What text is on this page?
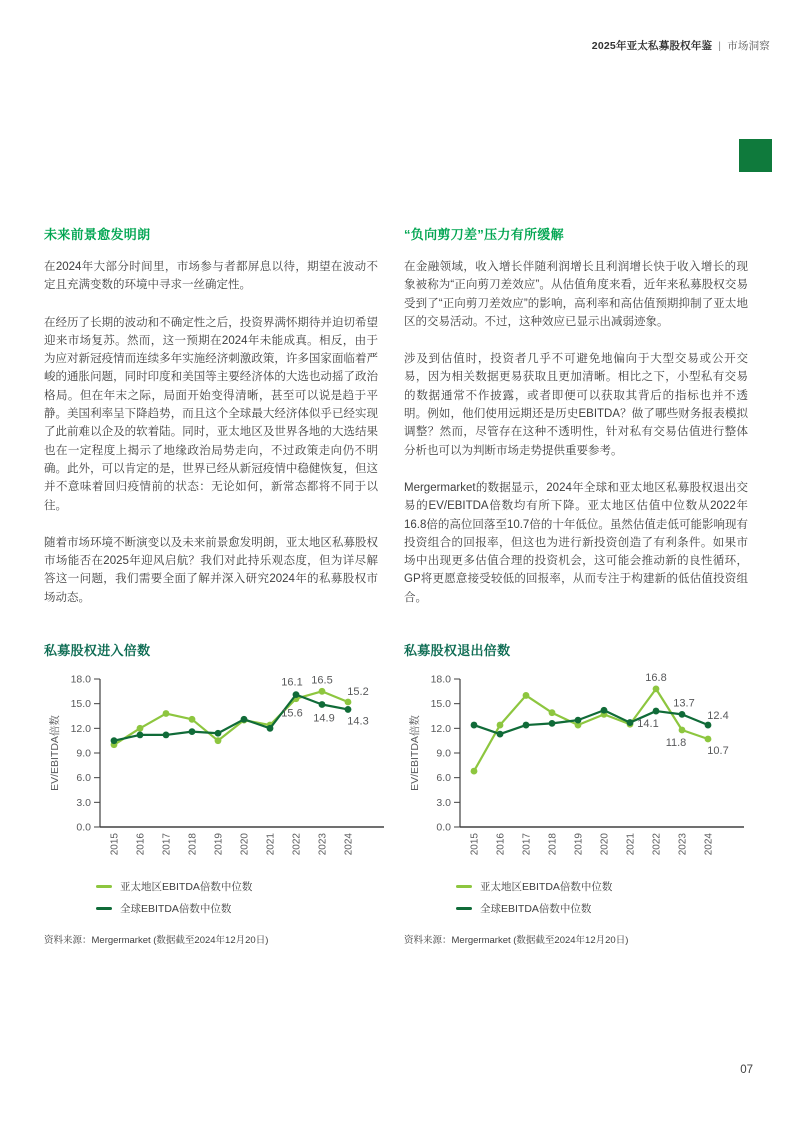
2025年亚太私募股权年鉴 | 市场洞察
未来前景愈发明朗

在2024年大部分时间里，市场参与者都屏息以待，期望在波动不定且充满变数的环境中寻求一丝确定性。

在经历了长期的波动和不确定性之后，投资界满怀期待并迫切希望迎来市场复苏。然而，这一预期在2024年未能成真。相反，由于为应对新冠疫情而连续多年实施经济刺激政策，许多国家面临着严峻的通胀问题，同时印度和美国等主要经济体的大选也动摇了政治格局。但在年末之际，局面开始变得清晰，甚至可以说是趋于平静。美国利率呈下降趋势，而且这个全球最大经济体似乎已经实现了此前难以企及的软着陆。同时，亚太地区及世界各地的大选结果也在一定程度上揭示了地缘政治局势走向，不过政策走向仍不明确。此外，可以肯定的是，世界已经从新冠疫情中稳健恢复，但这并不意味着回归疫情前的状态：无论如何，新常态都将不同于以往。

随着市场环境不断演变以及未来前景愈发明朗，亚太地区私募股权市场能否在2025年迎风启航？我们对此持乐观态度，但为详尽解答这一问题，我们需要全面了解并深入研究2024年的私募股权市场动态。

“负向剪刀差”压力有所缓解

在金融领域，收入增长伴随利润增长且利润增长快于收入增长的现象被称为“正向剪刀差效应”。从估值角度来看，近年来私募股权交易受到了“正向剪刀差效应”的影响，高利率和高估值预期抑制了亚太地区的交易活动。不过，这种效应已显示出减弱迹象。

涉及到估值时，投资者几乎不可避免地偏向于大型交易或公开交易，因为相关数据更易获取且更加清晰。相比之下，小型私有交易的数据通常不作披露，或者即便可以获取其背后的指标也并不透明。例如，他们使用远期还是历史EBITDA？做了哪些财务报表模拟调整？然而，尽管存在这种不透明性，针对私有交易估值进行整体分析也可以为判断市场走势提供重要参考。

Mergermarket的数据显示，2024年全球和亚太地区私募股权退出交易的EV/EBITDA倍数均有所下降。亚太地区估值中位数从2022年16.8倍的高位回落至10.7倍的十年低位。虽然估值走低可能影响现有投资组合的回报率，但这也为进行新投资创造了有利条件。如果市场中出现更多估值合理的投资机会，这可能会推动新的良性循环，GP将更愿意接受较低的回报率，从而专注于构建新的低估值投资组合。

私募股权进入倍数
18.0
15.0
12.0
9.0
6.0
3.0
0.0
EV/EBITDA倍数
2015 2016 2017 2018 2019 2020 2021 2022 2023 2024
15.6
16.5
15.2
16.1
14.9 14.3
亚太地区EBITDA倍数中位数
全球EBITDA倍数中位数
资料来源：Mergermarket (数据截至2024年12月20日)
私募股权退出倍数
18.0
15.0
12.0
9.0
6.0
3.0
0.0
EV/EBITDA倍数
2015 2016 2017 2018 2019 2020 2021 2022 2023 2024
16.8
11.8
10.7
14.1
13.7
12.4
亚太地区EBITDA倍数中位数
全球EBITDA倍数中位数
资料来源：Mergermarket (数据截至2024年12月20日)
07
